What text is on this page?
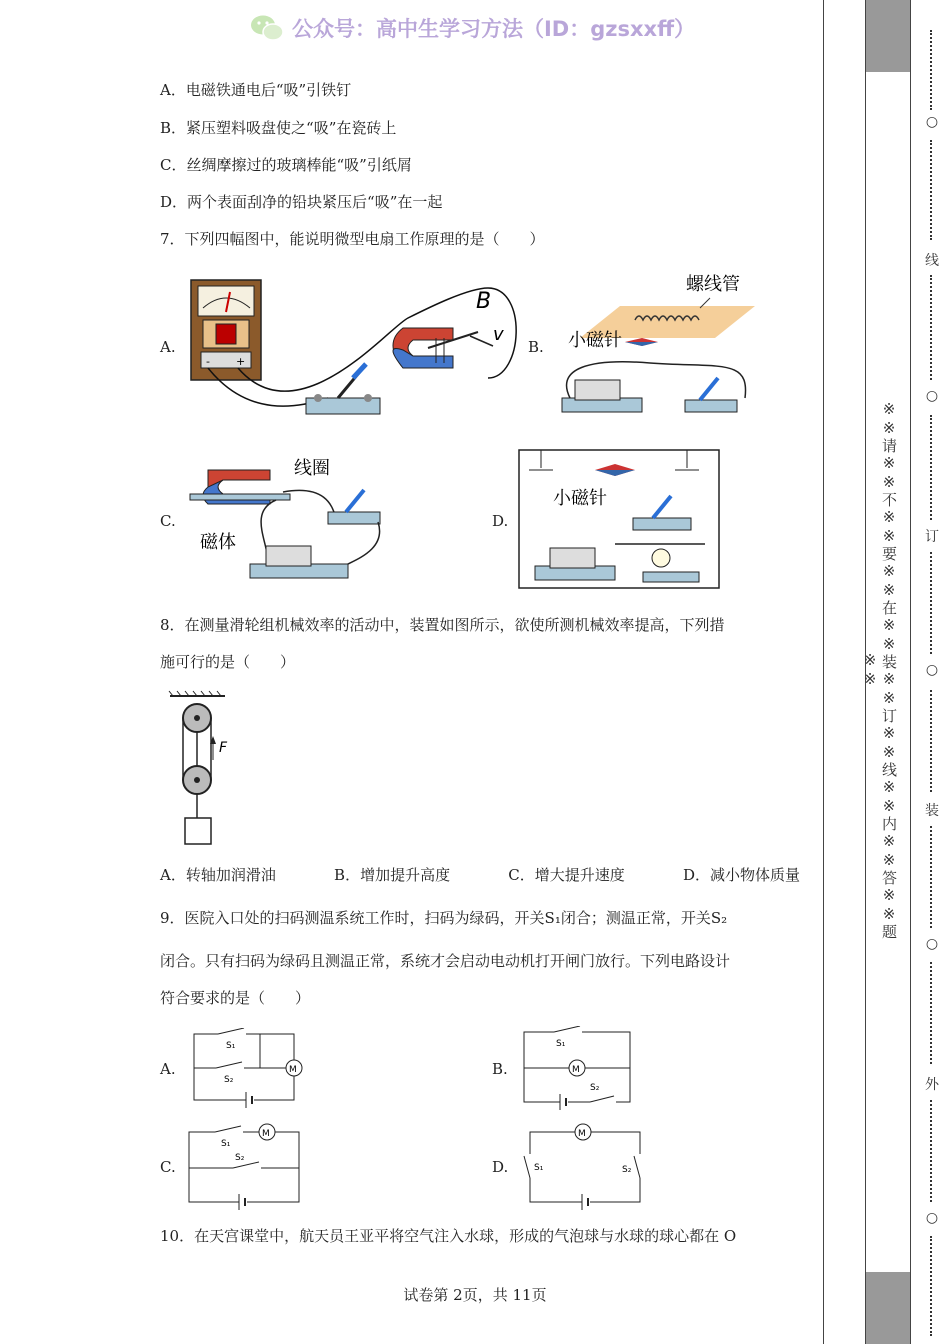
公众号：高中生学习方法（ID：gzsxxff）
A．电磁铁通电后“吸”引铁钉
B．紧压塑料吸盘使之“吸”在瓷砖上
C．丝绸摩擦过的玻璃棒能“吸”引纸屑
D．两个表面刮净的铅块紧压后“吸”在一起
7．下列四幅图中，能说明微型电扇工作原理的是（　　）
A.
+
-
B
v
B.
螺线管
小磁针
C.
线圈
磁体
D.
小磁针
8．在测量滑轮组机械效率的活动中，装置如图所示，欲使所测机械效率提高，下列措
施可行的是（　　）
F
A．转轴加润滑油	B．增加提升高度	C．增大提升速度	D．减小物体质量
9．医院入口处的扫码测温系统工作时，扫码为绿码，开关S₁闭合；测温正常，开关S₂
闭合。只有扫码为绿码且测温正常，系统才会启动电动机打开闸门放行。下列电路设计
符合要求的是（　　）
A.
S₁
S₂
M	B.
S₁
M
S₂
C.
S₁
M
S₂	D.
M
S₁	S₂
10．在天宫课堂中，航天员王亚平将空气注入水球，形成的气泡球与水球的球心都在 O
试卷第 2页，共 11页
※※请※※不※※要※※在※※装※※订※※线※※内※※答※※题※※
○
线
○
订
○
装
○
外
○
